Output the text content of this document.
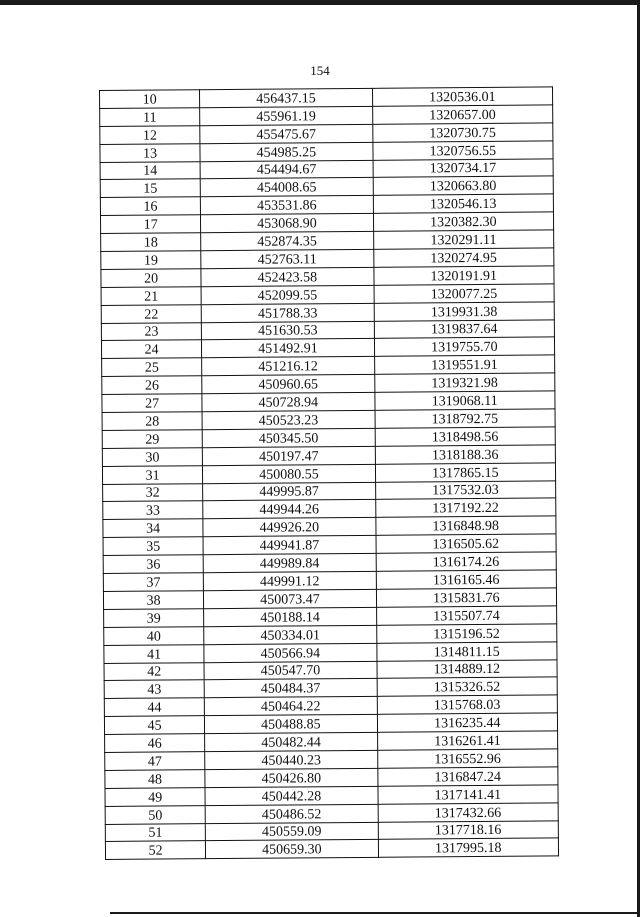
154
10	456437.15	1320536.01
11	455961.19	1320657.00
12	455475.67	1320730.75
13	454985.25	1320756.55
14	454494.67	1320734.17
15	454008.65	1320663.80
16	453531.86	1320546.13
17	453068.90	1320382.30
18	452874.35	1320291.11
19	452763.11	1320274.95
20	452423.58	1320191.91
21	452099.55	1320077.25
22	451788.33	1319931.38
23	451630.53	1319837.64
24	451492.91	1319755.70
25	451216.12	1319551.91
26	450960.65	1319321.98
27	450728.94	1319068.11
28	450523.23	1318792.75
29	450345.50	1318498.56
30	450197.47	1318188.36
31	450080.55	1317865.15
32	449995.87	1317532.03
33	449944.26	1317192.22
34	449926.20	1316848.98
35	449941.87	1316505.62
36	449989.84	1316174.26
37	449991.12	1316165.46
38	450073.47	1315831.76
39	450188.14	1315507.74
40	450334.01	1315196.52
41	450566.94	1314811.15
42	450547.70	1314889.12
43	450484.37	1315326.52
44	450464.22	1315768.03
45	450488.85	1316235.44
46	450482.44	1316261.41
47	450440.23	1316552.96
48	450426.80	1316847.24
49	450442.28	1317141.41
50	450486.52	1317432.66
51	450559.09	1317718.16
52	450659.30	1317995.18
